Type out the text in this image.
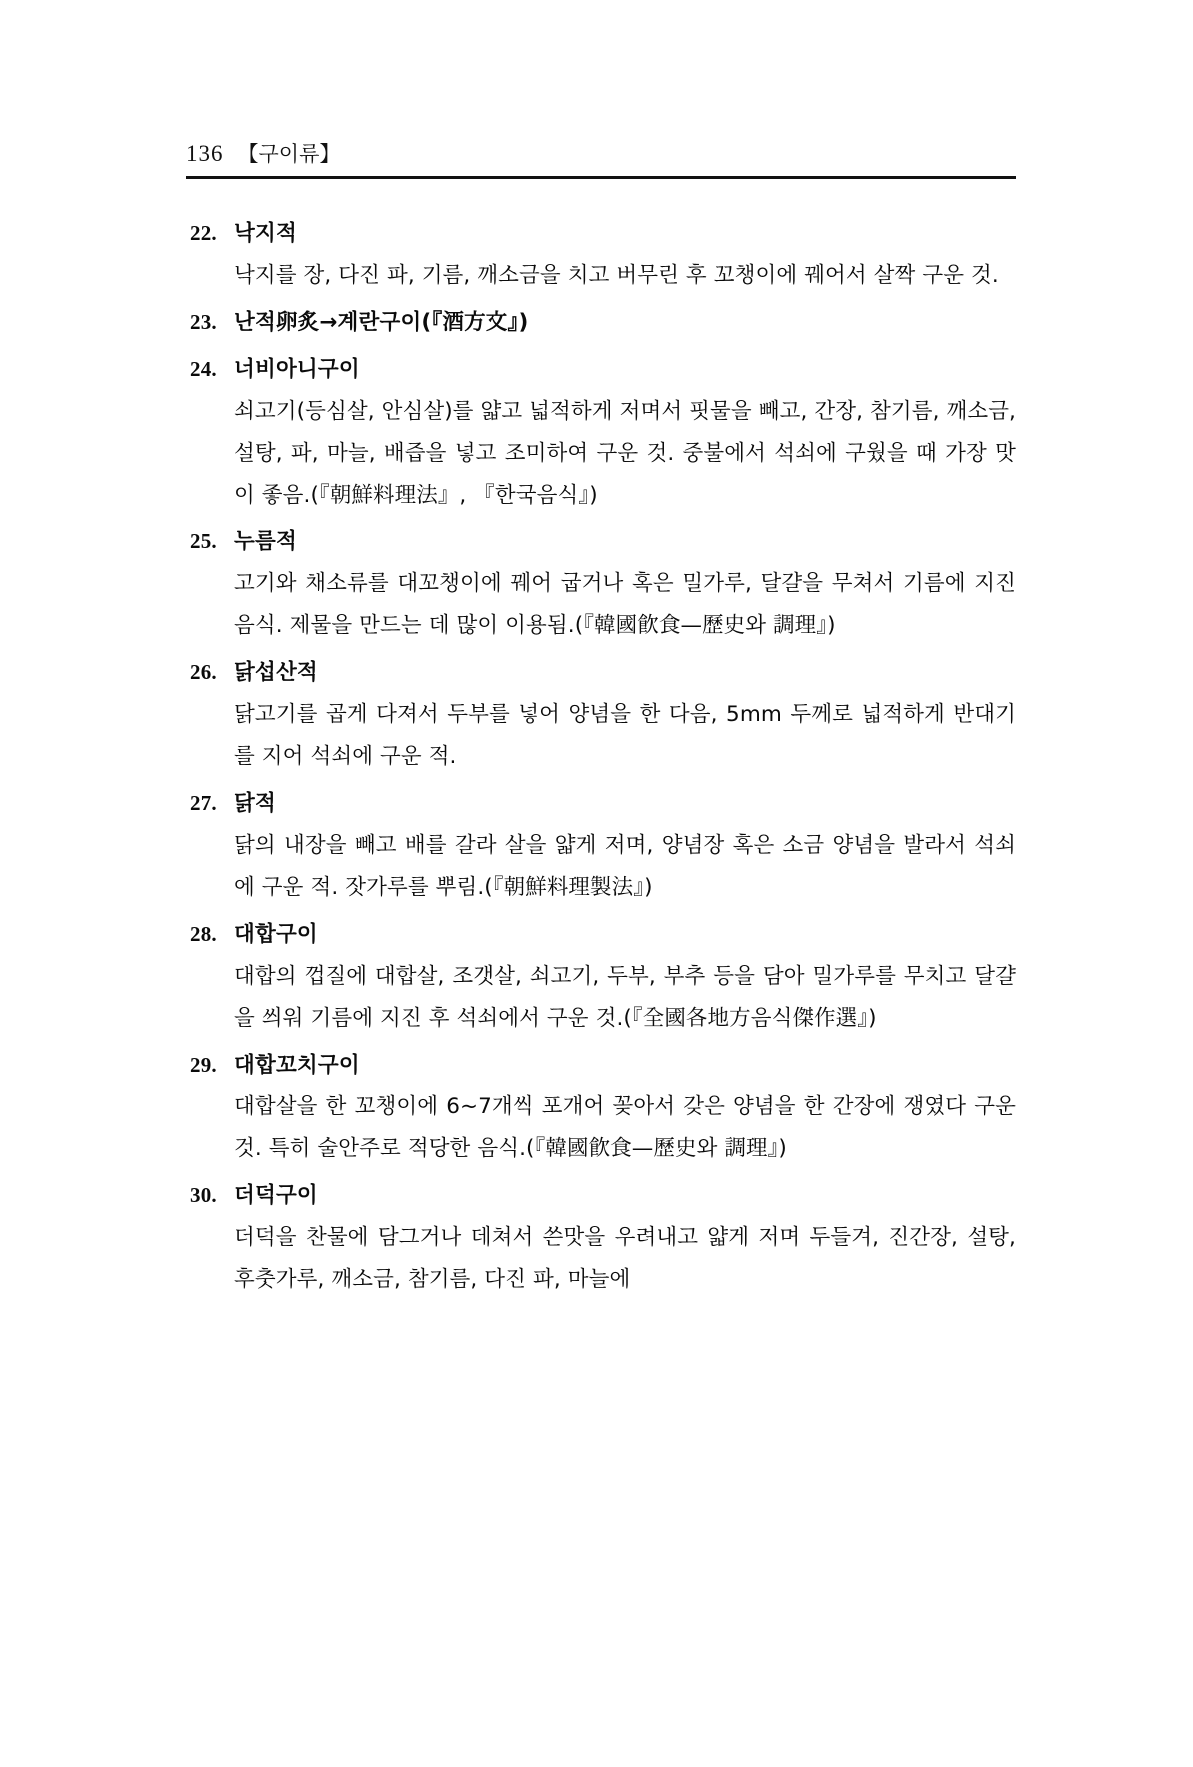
136 【구이류】
22. 낙지적
낙지를 장, 다진 파, 기름, 깨소금을 치고 버무린 후 꼬챙이에 꿰어서 살짝 구운 것.
23. 난적卵炙→계란구이(『酒方文』)
24. 너비아니구이
쇠고기(등심살, 안심살)를 얇고 넓적하게 저며서 핏물을 빼고, 간장, 참기름, 깨소금, 설탕, 파, 마늘, 배즙을 넣고 조미하여 구운 것. 중불에서 석쇠에 구웠을 때 가장 맛이 좋음.(『朝鮮料理法』, 『한국음식』)
25. 누름적
고기와 채소류를 대꼬챙이에 꿰어 굽거나 혹은 밀가루, 달걀을 무쳐서 기름에 지진 음식. 제물을 만드는 데 많이 이용됨.(『韓國飮食—歷史와 調理』)
26. 닭섭산적
닭고기를 곱게 다져서 두부를 넣어 양념을 한 다음, 5mm 두께로 넓적하게 반대기를 지어 석쇠에 구운 적.
27. 닭적
닭의 내장을 빼고 배를 갈라 살을 얇게 저며, 양념장 혹은 소금 양념을 발라서 석쇠에 구운 적. 잣가루를 뿌림.(『朝鮮料理製法』)
28. 대합구이
대합의 껍질에 대합살, 조갯살, 쇠고기, 두부, 부추 등을 담아 밀가루를 무치고 달걀을 씌워 기름에 지진 후 석쇠에서 구운 것.(『全國各地方음식傑作選』)
29. 대합꼬치구이
대합살을 한 꼬챙이에 6~7개씩 포개어 꽂아서 갖은 양념을 한 간장에 쟁였다 구운 것. 특히 술안주로 적당한 음식.(『韓國飮食—歷史와 調理』)
30. 더덕구이
더덕을 찬물에 담그거나 데쳐서 쓴맛을 우려내고 얇게 저며 두들겨, 진간장, 설탕, 후춧가루, 깨소금, 참기름, 다진 파, 마늘에
